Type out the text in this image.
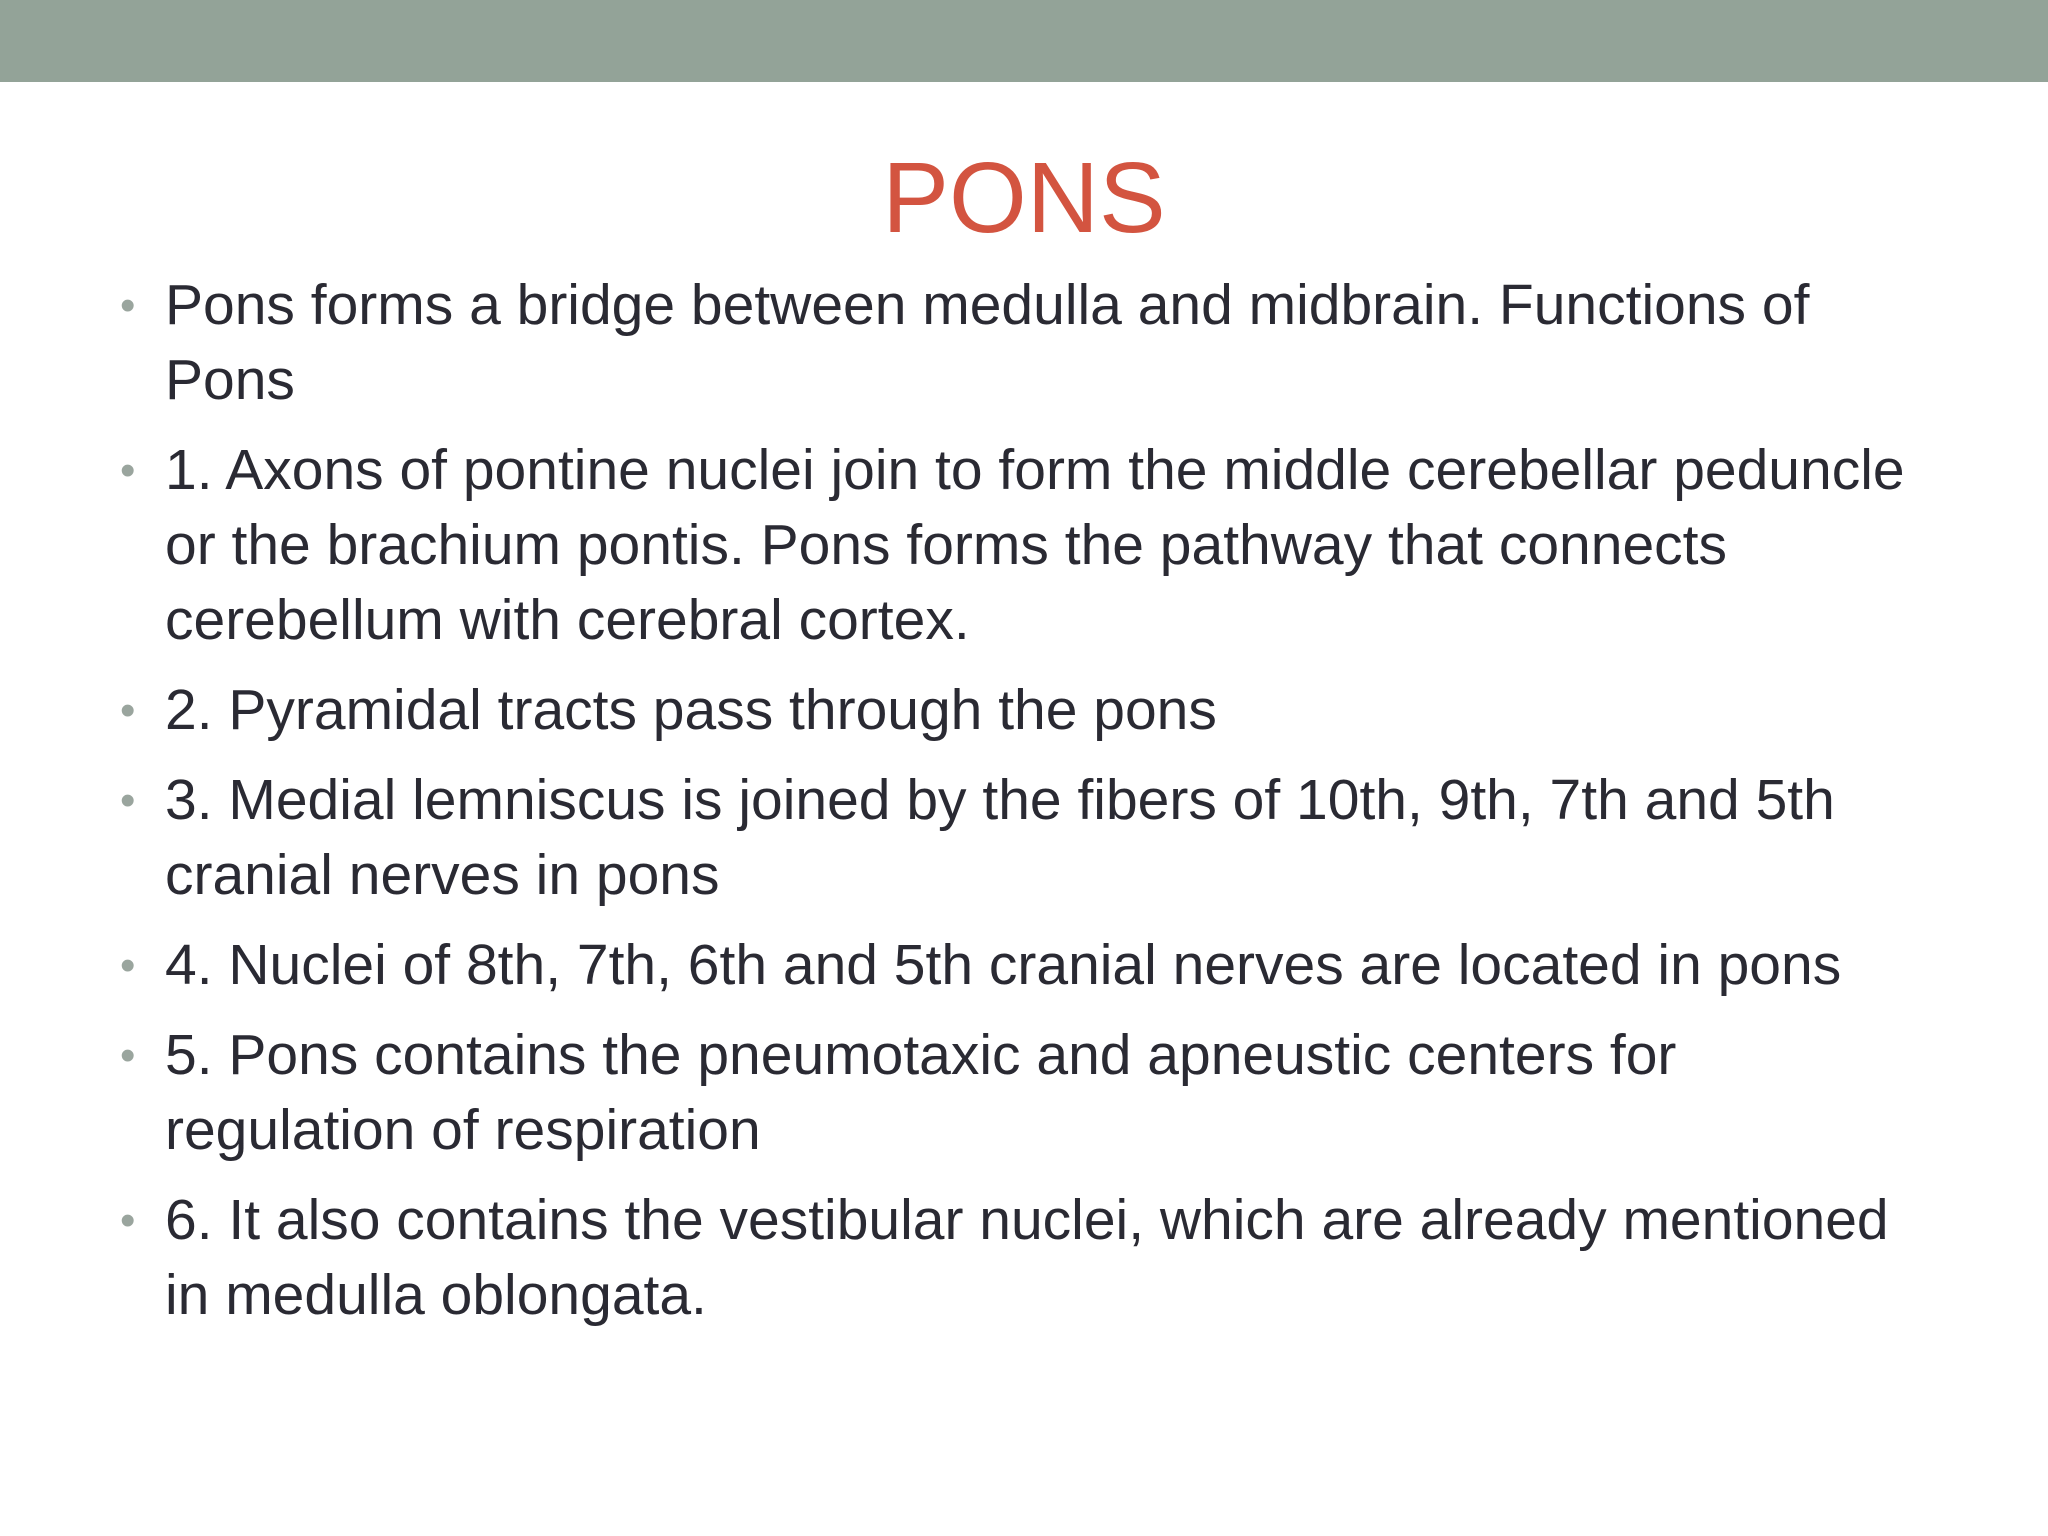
PONS
• Pons forms a bridge between medulla and midbrain. Functions of Pons
• 1. Axons of pontine nuclei join to form the middle cerebellar peduncle or the brachium pontis. Pons forms the pathway that connects cerebellum with cerebral cortex.
• 2. Pyramidal tracts pass through the pons
• 3. Medial lemniscus is joined by the fibers of 10th, 9th, 7th and 5th cranial nerves in pons
• 4. Nuclei of 8th, 7th, 6th and 5th cranial nerves are located in pons
• 5. Pons contains the pneumotaxic and apneustic centers for regulation of respiration
• 6. It also contains the vestibular nuclei, which are already mentioned in medulla oblongata.
